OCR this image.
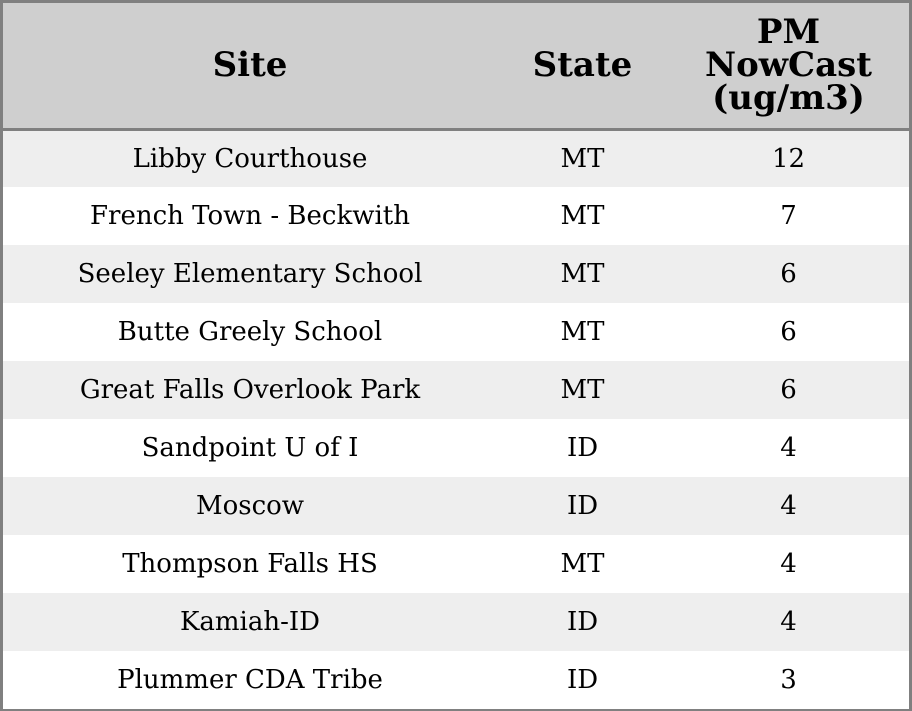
Site	State	PM
NowCast
(ug/m3)

Libby Courthouse	MT	12
French Town - Beckwith	MT	7
Seeley Elementary School	MT	6
Butte Greely School	MT	6
Great Falls Overlook Park	MT	6
Sandpoint U of I	ID	4
Moscow	ID	4
Thompson Falls HS	MT	4
Kamiah-ID	ID	4
Plummer CDA Tribe	ID	3
